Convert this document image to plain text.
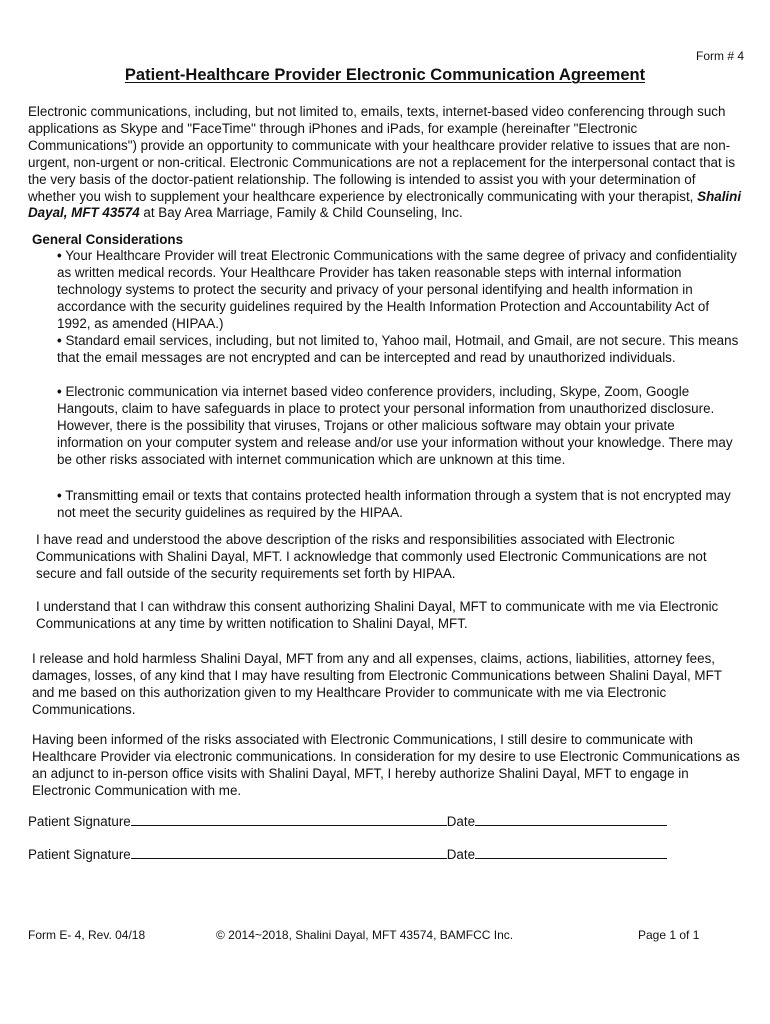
Form # 4
Patient-Healthcare Provider Electronic Communication Agreement
Electronic communications, including, but not limited to, emails, texts, internet-based video conferencing through such applications as Skype and "FaceTime" through iPhones and iPads, for example (hereinafter "Electronic Communications") provide an opportunity to communicate with your healthcare provider relative to issues that are non-urgent, non-urgent or non-critical. Electronic Communications are not a replacement for the interpersonal contact that is the very basis of the doctor-patient relationship. The following is intended to assist you with your determination of whether you wish to supplement your healthcare experience by electronically communicating with your therapist, Shalini Dayal, MFT 43574 at Bay Area Marriage, Family & Child Counseling, Inc.
General Considerations
• Your Healthcare Provider will treat Electronic Communications with the same degree of privacy and confidentiality as written medical records. Your Healthcare Provider has taken reasonable steps with internal information technology systems to protect the security and privacy of your personal identifying and health information in accordance with the security guidelines required by the Health Information Protection and Accountability Act of 1992, as amended (HIPAA.)
• Standard email services, including, but not limited to, Yahoo mail, Hotmail, and Gmail, are not secure. This means that the email messages are not encrypted and can be intercepted and read by unauthorized individuals.
• Electronic communication via internet based video conference providers, including, Skype, Zoom, Google Hangouts, claim to have safeguards in place to protect your personal information from unauthorized disclosure. However, there is the possibility that viruses, Trojans or other malicious software may obtain your private information on your computer system and release and/or use your information without your knowledge. There may be other risks associated with internet communication which are unknown at this time.
• Transmitting email or texts that contains protected health information through a system that is not encrypted may not meet the security guidelines as required by the HIPAA.
I have read and understood the above description of the risks and responsibilities associated with Electronic Communications with Shalini Dayal, MFT. I acknowledge that commonly used Electronic Communications are not secure and fall outside of the security requirements set forth by HIPAA.
I understand that I can withdraw this consent authorizing Shalini Dayal, MFT to communicate with me via Electronic Communications at any time by written notification to Shalini Dayal, MFT.
I release and hold harmless Shalini Dayal, MFT from any and all expenses, claims, actions, liabilities, attorney fees, damages, losses, of any kind that I may have resulting from Electronic Communications between Shalini Dayal, MFT and me based on this authorization given to my Healthcare Provider to communicate with me via Electronic Communications.
Having been informed of the risks associated with Electronic Communications, I still desire to communicate with Healthcare Provider via electronic communications. In consideration for my desire to use Electronic Communications as an adjunct to in-person office visits with Shalini Dayal, MFT, I hereby authorize Shalini Dayal, MFT to engage in Electronic Communication with me.
Patient Signature	Date
Patient Signature	Date
Form E- 4, Rev. 04/18	© 2014~2018, Shalini Dayal, MFT 43574, BAMFCC Inc.	Page 1 of 1
